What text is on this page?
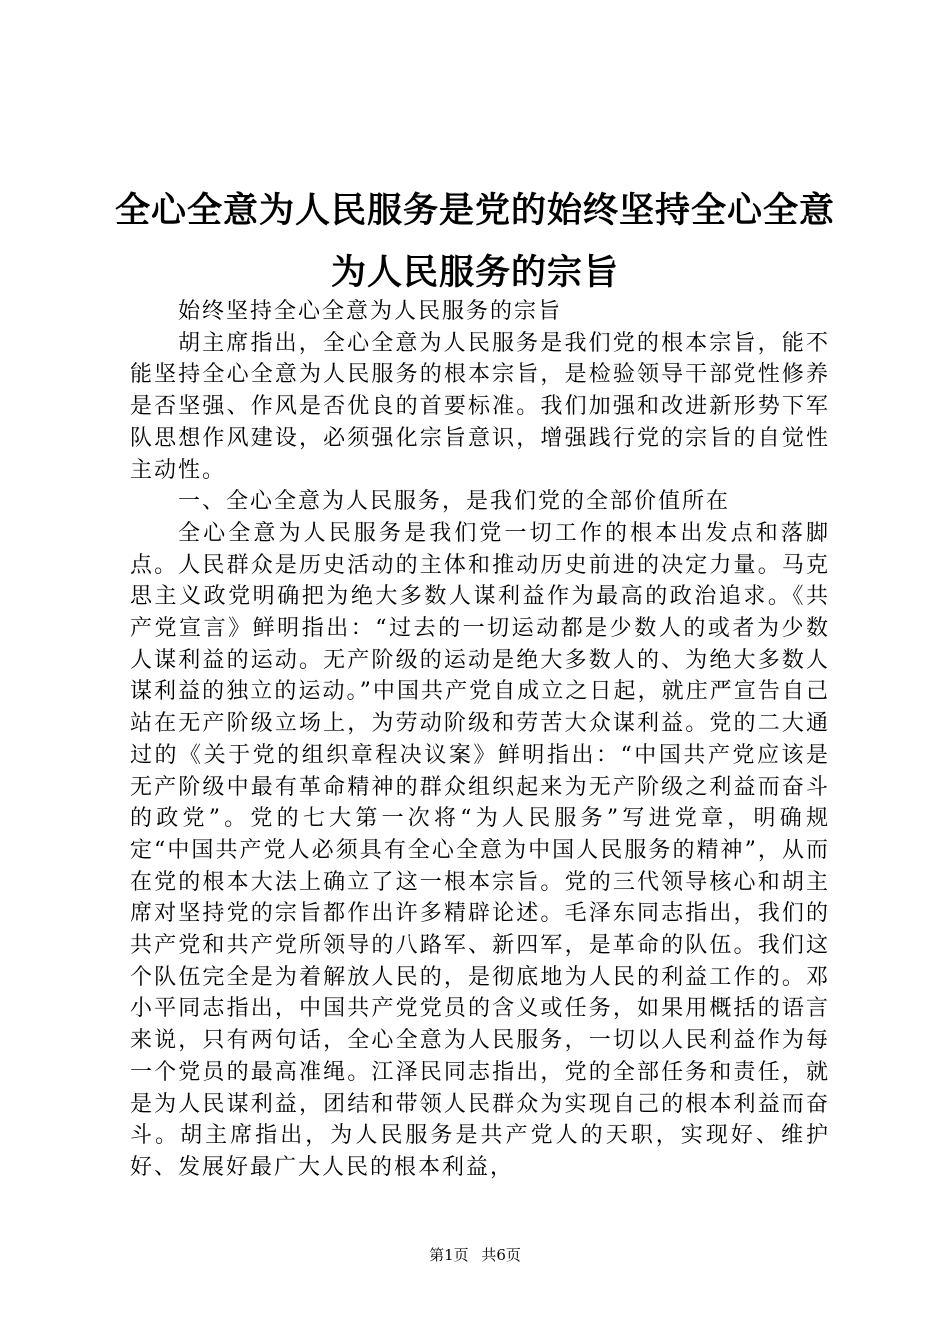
全心全意为人民服务是党的始终坚持全心全意为人民服务的宗旨

始终坚持全心全意为人民服务的宗旨

胡主席指出，全心全意为人民服务是我们党的根本宗旨，能不能坚持全心全意为人民服务的根本宗旨，是检验领导干部党性修养是否坚强、作风是否优良的首要标准。我们加强和改进新形势下军队思想作风建设，必须强化宗旨意识，增强践行党的宗旨的自觉性主动性。

一、全心全意为人民服务，是我们党的全部价值所在

全心全意为人民服务是我们党一切工作的根本出发点和落脚点。人民群众是历史活动的主体和推动历史前进的决定力量。马克思主义政党明确把为绝大多数人谋利益作为最高的政治追求。《共产党宣言》鲜明指出：“过去的一切运动都是少数人的或者为少数人谋利益的运动。无产阶级的运动是绝大多数人的、为绝大多数人谋利益的独立的运动。”中国共产党自成立之日起，就庄严宣告自己站在无产阶级立场上，为劳动阶级和劳苦大众谋利益。党的二大通过的《关于党的组织章程决议案》鲜明指出：“中国共产党应该是无产阶级中最有革命精神的群众组织起来为无产阶级之利益而奋斗的政党”。党的七大第一次将“为人民服务”写进党章，明确规定“中国共产党人必须具有全心全意为中国人民服务的精神”，从而在党的根本大法上确立了这一根本宗旨。党的三代领导核心和胡主席对坚持党的宗旨都作出许多精辟论述。毛泽东同志指出，我们的共产党和共产党所领导的八路军、新四军，是革命的队伍。我们这个队伍完全是为着解放人民的，是彻底地为人民的利益工作的。邓小平同志指出，中国共产党党员的含义或任务，如果用概括的语言来说，只有两句话，全心全意为人民服务，一切以人民利益作为每一个党员的最高准绳。江泽民同志指出，党的全部任务和责任，就是为人民谋利益，团结和带领人民群众为实现自己的根本利益而奋斗。胡主席指出，为人民服务是共产党人的天职，实现好、维护好、发展好最广大人民的根本利益，

第1页 共6页
